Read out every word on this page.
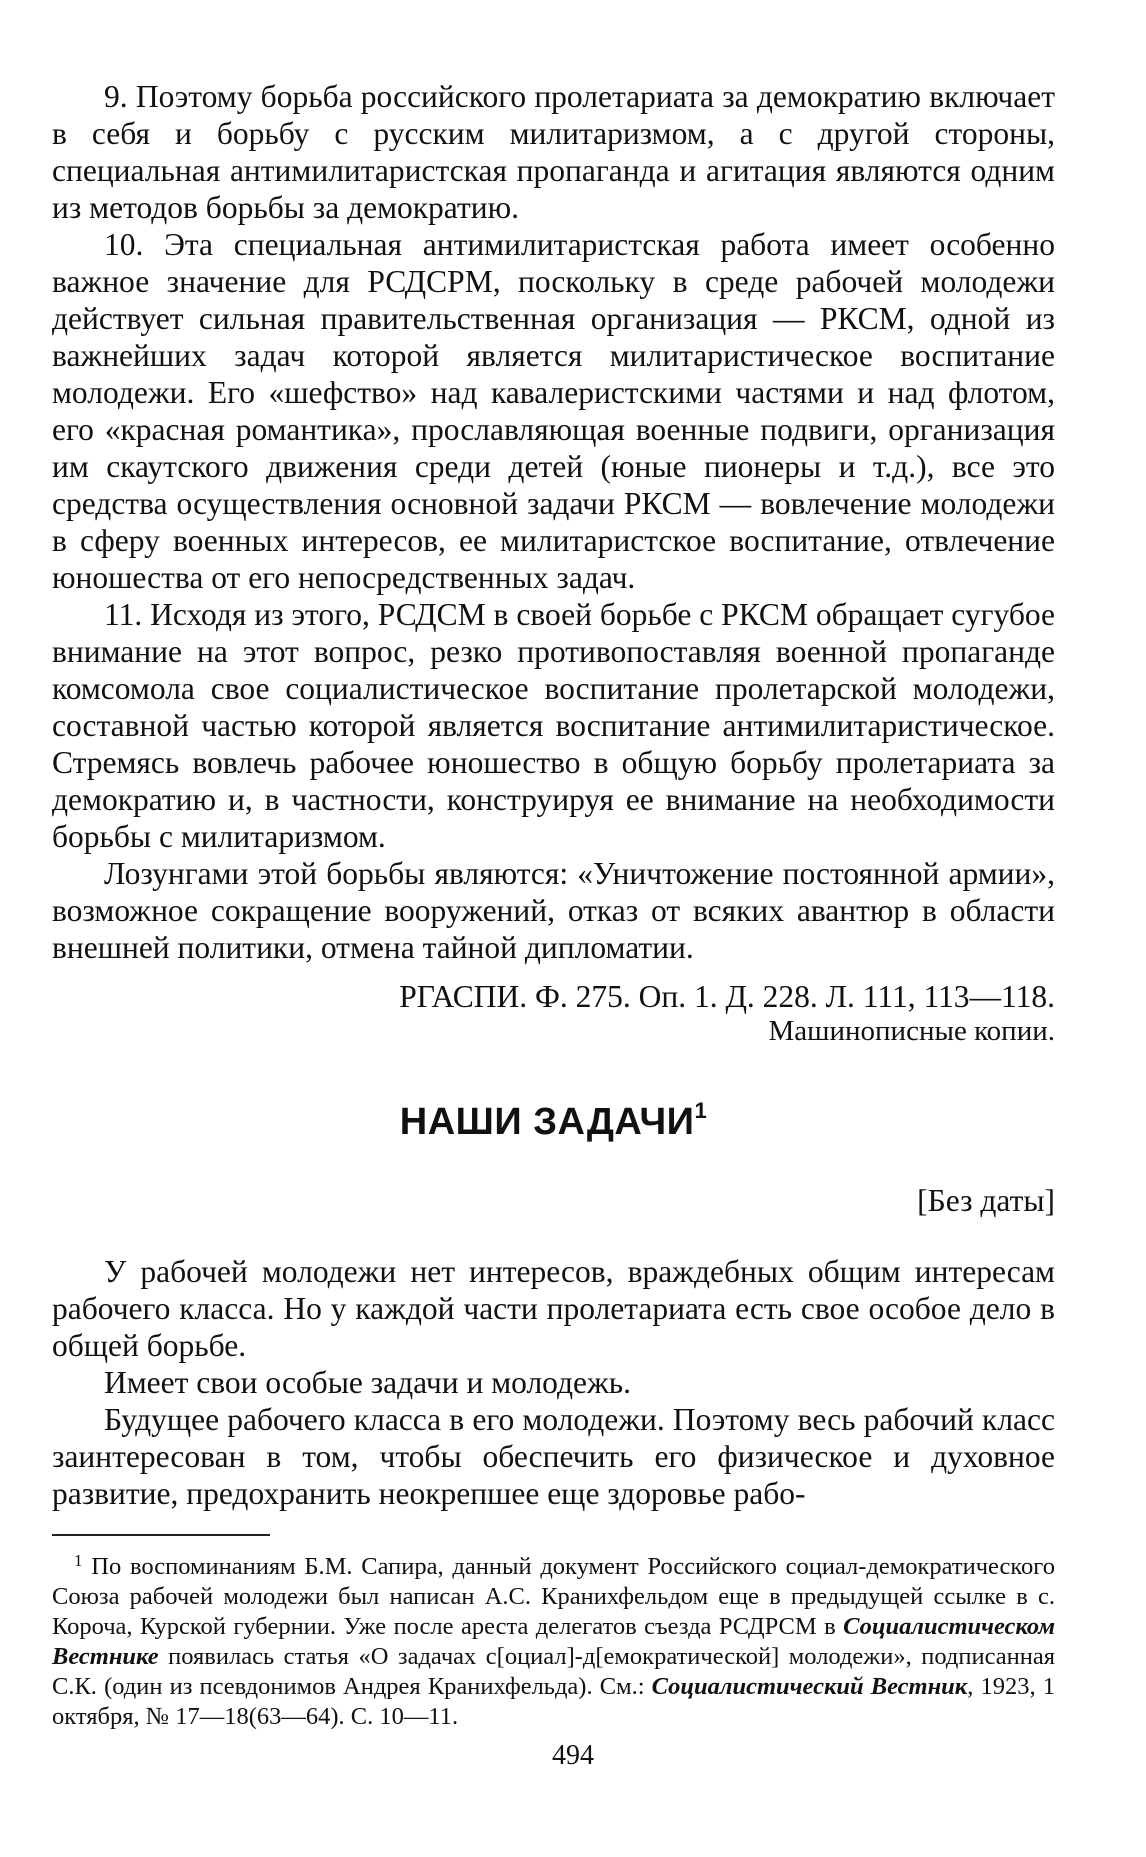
9. Поэтому борьба российского пролетариата за демократию включает в себя и борьбу с русским милитаризмом, а с другой стороны, специальная антимилитаристская пропаганда и агитация являются одним из методов борьбы за демократию.

10. Эта специальная антимилитаристская работа имеет особенно важное значение для РСДСРМ, поскольку в среде рабочей молодежи действует сильная правительственная организация — РКСМ, одной из важнейших задач которой является милитаристическое воспитание молодежи. Его «шефство» над кавалеристскими частями и над флотом, его «красная романтика», прославляющая военные подвиги, организация им скаутского движения среди детей (юные пионеры и т.д.), все это средства осуществления основной задачи РКСМ — вовлечение молодежи в сферу военных интересов, ее милитаристское воспитание, отвлечение юношества от его непосредственных задач.

11. Исходя из этого, РСДСМ в своей борьбе с РКСМ обращает сугубое внимание на этот вопрос, резко противопоставляя военной пропаганде комсомола свое социалистическое воспитание пролетарской молодежи, составной частью которой является воспитание антимилитаристическое. Стремясь вовлечь рабочее юношество в общую борьбу пролетариата за демократию и, в частности, конструируя ее внимание на необходимости борьбы с милитаризмом.

Лозунгами этой борьбы являются: «Уничтожение постоянной армии», возможное сокращение вооружений, отказ от всяких авантюр в области внешней политики, отмена тайной дипломатии.

РГАСПИ. Ф. 275. Оп. 1. Д. 228. Л. 111, 113—118.
Машинописные копии.
НАШИ ЗАДАЧИ$^1$
[Без даты]

У рабочей молодежи нет интересов, враждебных общим интересам рабочего класса. Но у каждой части пролетариата есть свое особое дело в общей борьбе.

Имеет свои особые задачи и молодежь.

Будущее рабочего класса в его молодежи. Поэтому весь рабочий класс заинтересован в том, чтобы обеспечить его физическое и духовное развитие, предохранить неокрепшее еще здоровье рабо-

$^1$ По воспоминаниям Б.М. Сапира, данный документ Российского социал-демократического Союза рабочей молодежи был написан А.С. Кранихфельдом еще в предыдущей ссылке в с. Короча, Курской губернии. Уже после ареста делегатов съезда РСДРСМ в Социалистическом Вестнике появилась статья «О задачах с[оциал]-д[емократической] молодежи», подписанная С.К. (один из псевдонимов Андрея Кранихфельда). См.: Социалистический Вестник, 1923, 1 октября, № 17—18(63—64). С. 10—11.

494
